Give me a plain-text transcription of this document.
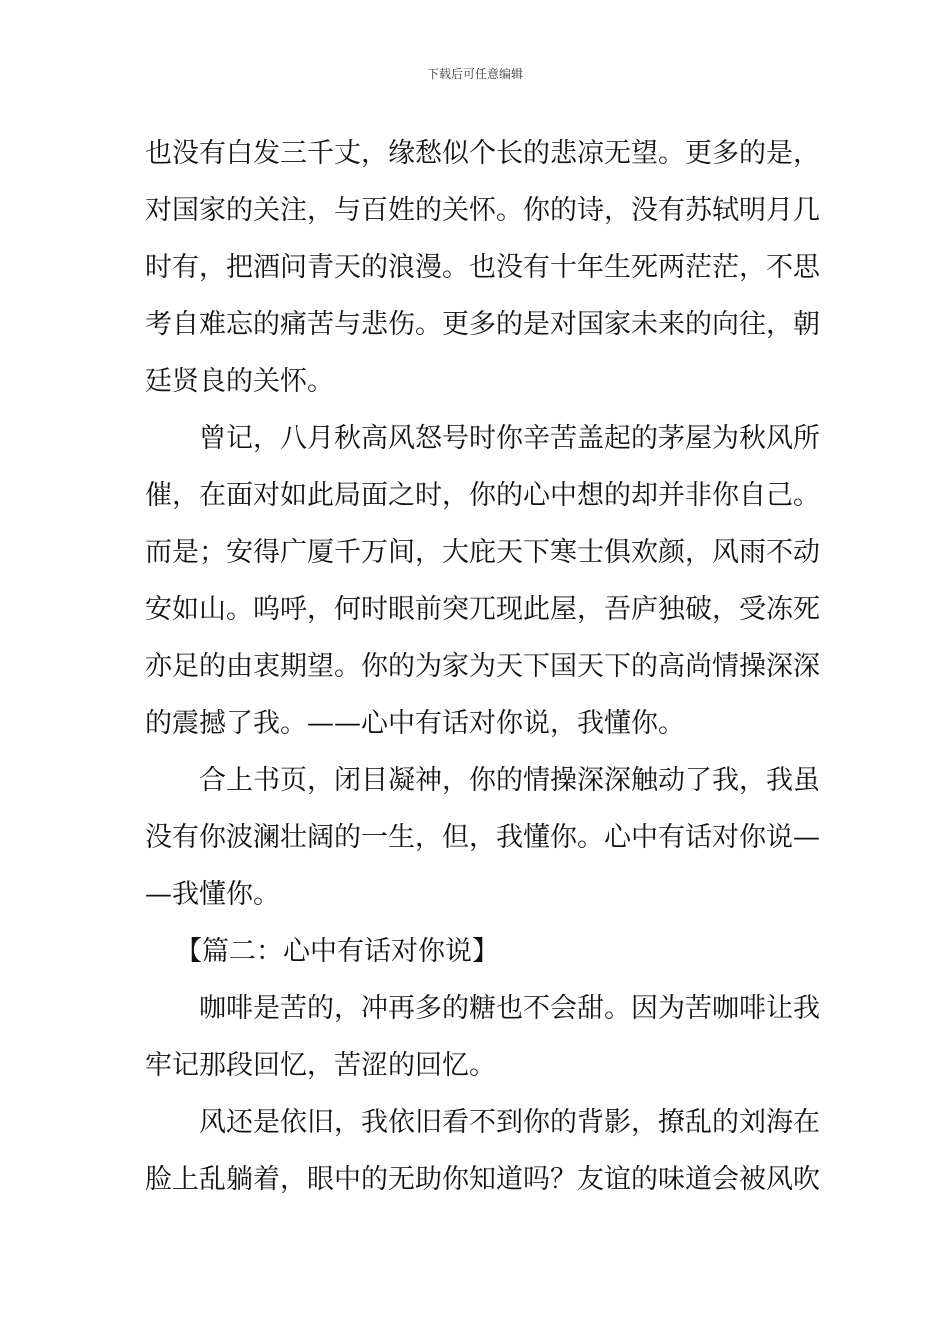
下载后可任意编辑
也没有白发三千丈，缘愁似个长的悲凉无望。更多的是，
对国家的关注，与百姓的关怀。你的诗，没有苏轼明月几
时有，把酒问青天的浪漫。也没有十年生死两茫茫，不思
考自难忘的痛苦与悲伤。更多的是对国家未来的向往，朝
廷贤良的关怀。
曾记，八月秋高风怒号时你辛苦盖起的茅屋为秋风所
催，在面对如此局面之时，你的心中想的却并非你自己。
而是；安得广厦千万间，大庇天下寒士俱欢颜，风雨不动
安如山。呜呼，何时眼前突兀现此屋，吾庐独破，受冻死
亦足的由衷期望。你的为家为天下国天下的高尚情操深深
的震撼了我。——心中有话对你说，我懂你。
合上书页，闭目凝神，你的情操深深触动了我，我虽
没有你波澜壮阔的一生，但，我懂你。心中有话对你说—
—我懂你。
【篇二：心中有话对你说】
咖啡是苦的，冲再多的糖也不会甜。因为苦咖啡让我
牢记那段回忆，苦涩的回忆。
风还是依旧，我依旧看不到你的背影，撩乱的刘海在
脸上乱躺着，眼中的无助你知道吗？友谊的味道会被风吹
